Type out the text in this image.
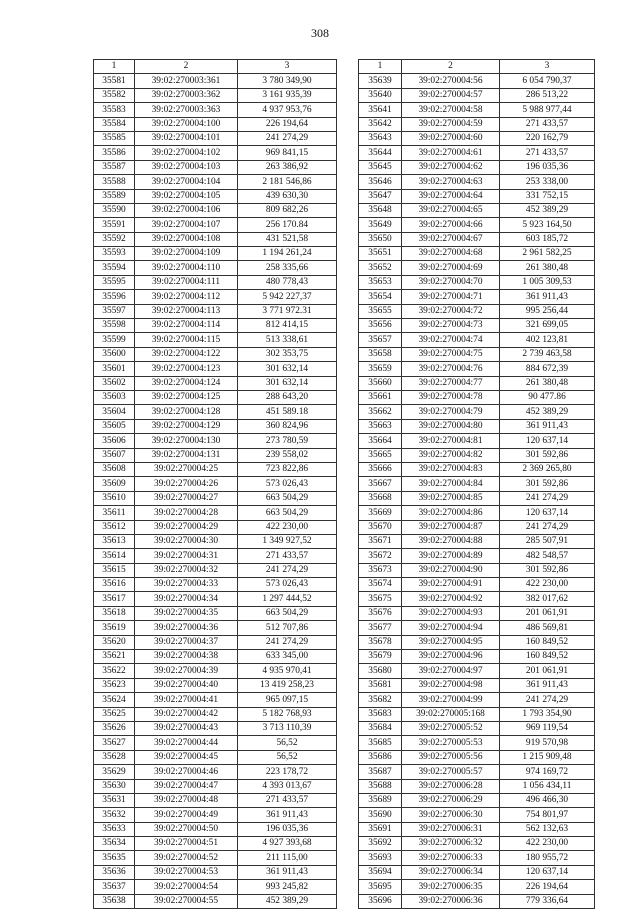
308
1	2	3
35581	39:02:270003:361	3 780 349,90
35582	39:02:270003:362	3 161 935,39
35583	39:02:270003:363	4 937 953,76
35584	39:02:270004:100	226 194,64
35585	39:02:270004:101	241 274,29
35586	39:02:270004:102	969 841,15
35587	39:02:270004:103	263 386,92
35588	39:02:270004:104	2 181 546,86
35589	39:02:270004:105	439 630,30
35590	39:02:270004:106	809 682,26
35591	39:02:270004:107	256 170.84
35592	39:02:270004:108	431 521,58
35593	39:02:270004:109	1 194 261,24
35594	39:02:270004:110	258 335,66
35595	39:02:270004:111	480 778,43
35596	39:02:270004:112	5 942 227,37
35597	39:02:270004:113	3 771 972.31
35598	39:02:270004:114	812 414,15
35599	39:02:270004:115	513 338,61
35600	39:02:270004:122	302 353,75
35601	39:02:270004:123	301 632,14
35602	39:02:270004:124	301 632,14
35603	39:02:270004:125	288 643,20
35604	39:02:270004:128	451 589.18
35605	39:02:270004:129	360 824,96
35606	39:02:270004:130	273 780,59
35607	39:02:270004:131	239 558,02
35608	39:02:270004:25	723 822,86
35609	39:02:270004:26	573 026,43
35610	39:02:270004:27	663 504,29
35611	39:02:270004:28	663 504,29
35612	39:02:270004:29	422 230,00
35613	39:02:270004:30	1 349 927,52
35614	39:02:270004:31	271 433,57
35615	39:02:270004:32	241 274,29
35616	39:02:270004:33	573 026,43
35617	39:02:270004:34	1 297 444,52
35618	39:02:270004:35	663 504,29
35619	39:02:270004:36	512 707,86
35620	39:02:270004:37	241 274,29
35621	39:02:270004:38	633 345,00
35622	39:02:270004:39	4 935 970,41
35623	39:02:270004:40	13 419 258,23
35624	39:02:270004:41	965 097,15
35625	39:02:270004:42	5 182 768,93
35626	39:02:270004:43	3 713 110,39
35627	39:02:270004:44	56,52
35628	39:02:270004:45	56,52
35629	39:02:270004:46	223 178,72
35630	39:02:270004:47	4 393 013,67
35631	39:02:270004:48	271 433,57
35632	39:02:270004:49	361 911,43
35633	39:02:270004:50	196 035,36
35634	39:02:270004:51	4 927 393,68
35635	39:02:270004:52	211 115,00
35636	39:02:270004:53	361 911,43
35637	39:02:270004:54	993 245,82
35638	39:02:270004:55	452 389,29
1	2	3
35639	39:02:270004:56	6 054 790,37
35640	39:02:270004:57	286 513,22
35641	39:02:270004:58	5 988 977,44
35642	39:02:270004:59	271 433,57
35643	39:02:270004:60	220 162,79
35644	39:02:270004:61	271 433,57
35645	39:02:270004:62	196 035,36
35646	39:02:270004:63	253 338,00
35647	39:02:270004:64	331 752,15
35648	39:02:270004:65	452 389,29
35649	39:02:270004:66	5 923 164,50
35650	39:02:270004:67	603 185,72
35651	39:02:270004:68	2 961 582,25
35652	39:02:270004:69	261 380,48
35653	39:02:270004:70	1 005 309,53
35654	39:02:270004:71	361 911,43
35655	39:02:270004:72	995 256,44
35656	39:02:270004:73	321 699,05
35657	39:02:270004:74	402 123,81
35658	39:02:270004:75	2 739 463,58
35659	39:02:270004:76	884 672,39
35660	39:02:270004:77	261 380,48
35661	39:02:270004:78	90 477.86
35662	39:02:270004:79	452 389,29
35663	39:02:270004:80	361 911,43
35664	39:02:270004:81	120 637,14
35665	39:02:270004:82	301 592,86
35666	39:02:270004:83	2 369 265,80
35667	39:02:270004:84	301 592,86
35668	39:02:270004:85	241 274,29
35669	39:02:270004:86	120 637,14
35670	39:02:270004:87	241 274,29
35671	39:02:270004:88	285 507,91
35672	39:02:270004:89	482 548,57
35673	39:02:270004:90	301 592,86
35674	39:02:270004:91	422 230,00
35675	39:02:270004:92	382 017,62
35676	39:02:270004:93	201 061,91
35677	39:02:270004:94	486 569,81
35678	39:02:270004:95	160 849,52
35679	39:02:270004:96	160 849,52
35680	39:02:270004:97	201 061,91
35681	39:02:270004:98	361 911,43
35682	39:02:270004:99	241 274,29
35683	39:02:270005:168	1 793 354,90
35684	39:02:270005:52	969 119,54
35685	39:02:270005:53	919 570,98
35686	39:02:270005:56	1 215 909,48
35687	39:02:270005:57	974 169,72
35688	39:02:270006:28	1 056 434,11
35689	39:02:270006:29	496 466,30
35690	39:02:270006:30	754 801,97
35691	39:02:270006:31	562 132,63
35692	39:02:270006:32	422 230,00
35693	39:02:270006:33	180 955,72
35694	39:02:270006:34	120 637,14
35695	39:02:270006:35	226 194,64
35696	39:02:270006:36	779 336,64
